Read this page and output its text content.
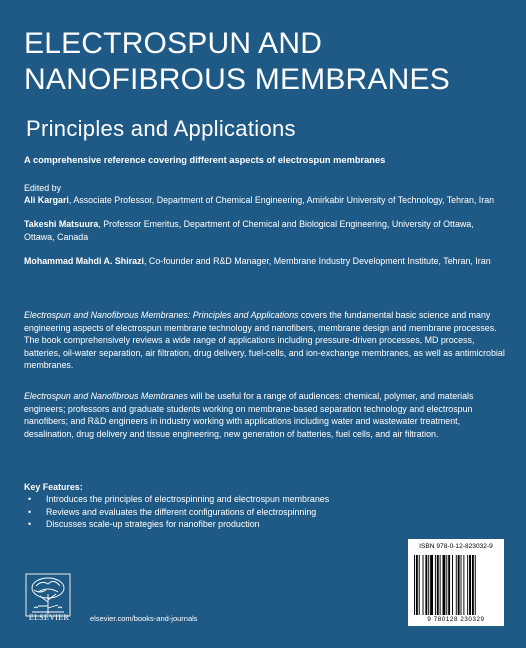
ELECTROSPUN AND
NANOFIBROUS MEMBRANES
Principles and Applications
A comprehensive reference covering different aspects of electrospun membranes
Edited by
Ali Kargari, Associate Professor, Department of Chemical Engineering, Amirkabir University of Technology, Tehran, Iran
Takeshi Matsuura, Professor Emeritus, Department of Chemical and Biological Engineering, University of Ottawa, Ottawa, Canada
Mohammad Mahdi A. Shirazi, Co-founder and R&D Manager, Membrane Industry Development Institute, Tehran, Iran
Electrospun and Nanofibrous Membranes: Principles and Applications covers the fundamental basic science and many engineering aspects of electrospun membrane technology and nanofibers, membrane design and membrane processes. The book comprehensively reviews a wide range of applications including pressure-driven processes, MD process, batteries, oil-water separation, air filtration, drug delivery, fuel-cells, and ion-exchange membranes, as well as antimicrobial membranes.
Electrospun and Nanofibrous Membranes will be useful for a range of audiences: chemical, polymer, and materials engineers; professors and graduate students working on membrane-based separation technology and electrospun nanofibers; and R&D engineers in industry working with applications including water and wastewater treatment, desalination, drug delivery and tissue engineering, new generation of batteries, fuel cells, and air filtration.
Key Features:
• Introduces the principles of electrospinning and electrospun membranes
• Reviews and evaluates the different configurations of electrospinning
• Discusses scale-up strategies for nanofiber production
ELSEVIER	elsevier.com/books-and-journals
ISBN 978-0-12-823032-9
9 780128 230329
